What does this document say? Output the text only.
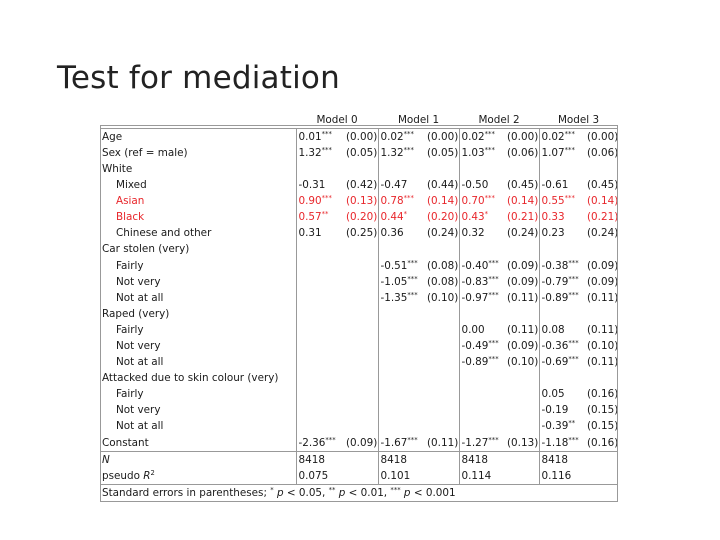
Test for mediation
	Model 0		Model 1		Model 2		Model 3	
Age	0.01***	(0.00)	0.02***	(0.00)	0.02***	(0.00)	0.02***	(0.00)
Sex (ref = male)	1.32***	(0.05)	1.32***	(0.05)	1.03***	(0.06)	1.07***	(0.06)
White								
Mixed	-0.31	(0.42)	-0.47	(0.44)	-0.50	(0.45)	-0.61	(0.45)
Asian	0.90***	(0.13)	0.78***	(0.14)	0.70***	(0.14)	0.55***	(0.14)
Black	0.57**	(0.20)	0.44*	(0.20)	0.43*	(0.21)	0.33	(0.21)
Chinese and other	0.31	(0.25)	0.36	(0.24)	0.32	(0.24)	0.23	(0.24)
Car stolen (very)								
Fairly			-0.51***	(0.08)	-0.40***	(0.09)	-0.38***	(0.09)
Not very			-1.05***	(0.08)	-0.83***	(0.09)	-0.79***	(0.09)
Not at all			-1.35***	(0.10)	-0.97***	(0.11)	-0.89***	(0.11)
Raped (very)								
Fairly					0.00	(0.11)	0.08	(0.11)
Not very					-0.49***	(0.09)	-0.36***	(0.10)
Not at all					-0.89***	(0.10)	-0.69***	(0.11)
Attacked due to skin colour (very)								
Fairly							0.05	(0.16)
Not very							-0.19	(0.15)
Not at all							-0.39**	(0.15)
Constant	-2.36***	(0.09)	-1.67***	(0.11)	-1.27***	(0.13)	-1.18***	(0.16)
N	8418		8418		8418		8418	
pseudo $R^2$	0.075		0.101		0.114		0.116	
Standard errors in parentheses; * p < 0.05, ** p < 0.01, *** p < 0.001								
